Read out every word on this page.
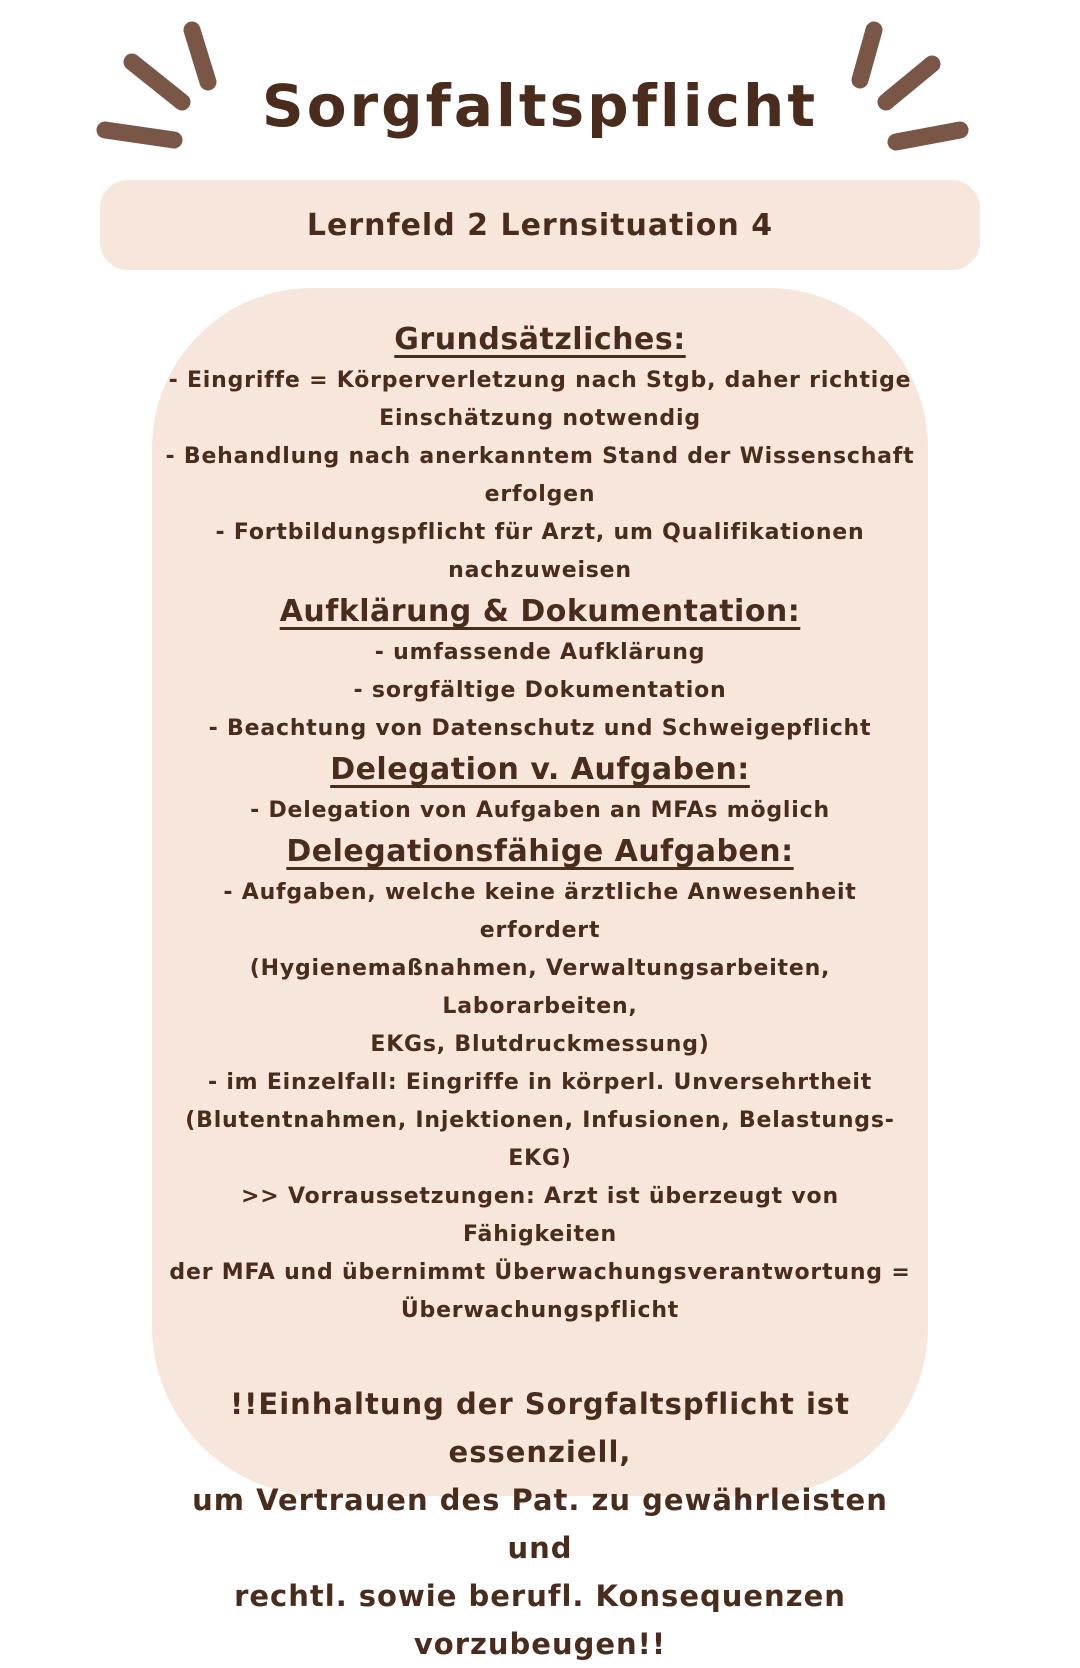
Sorgfaltspflicht
Lernfeld 2 Lernsituation 4

Grundsätzliches:

- Eingriffe = Körperverletzung nach Stgb, daher richtige

Einschätzung notwendig

- Behandlung nach anerkanntem Stand der Wissenschaft

erfolgen

- Fortbildungspflicht für Arzt, um Qualifikationen

nachzuweisen

Aufklärung & Dokumentation:

- umfassende Aufklärung

- sorgfältige Dokumentation

- Beachtung von Datenschutz und Schweigepflicht

Delegation v. Aufgaben:

- Delegation von Aufgaben an MFAs möglich

Delegationsfähige Aufgaben:

- Aufgaben, welche keine ärztliche Anwesenheit erfordert

(Hygienemaßnahmen, Verwaltungsarbeiten, Laborarbeiten,

EKGs, Blutdruckmessung)

- im Einzelfall: Eingriffe in körperl. Unversehrtheit

(Blutentnahmen, Injektionen, Infusionen, Belastungs-EKG)

>> Vorraussetzungen: Arzt ist überzeugt von Fähigkeiten

der MFA und übernimmt Überwachungsverantwortung =

Überwachungspflicht

!!Einhaltung der Sorgfaltspflicht ist essenziell,
um Vertrauen des Pat. zu gewährleisten und
rechtl. sowie berufl. Konsequenzen
vorzubeugen!!
